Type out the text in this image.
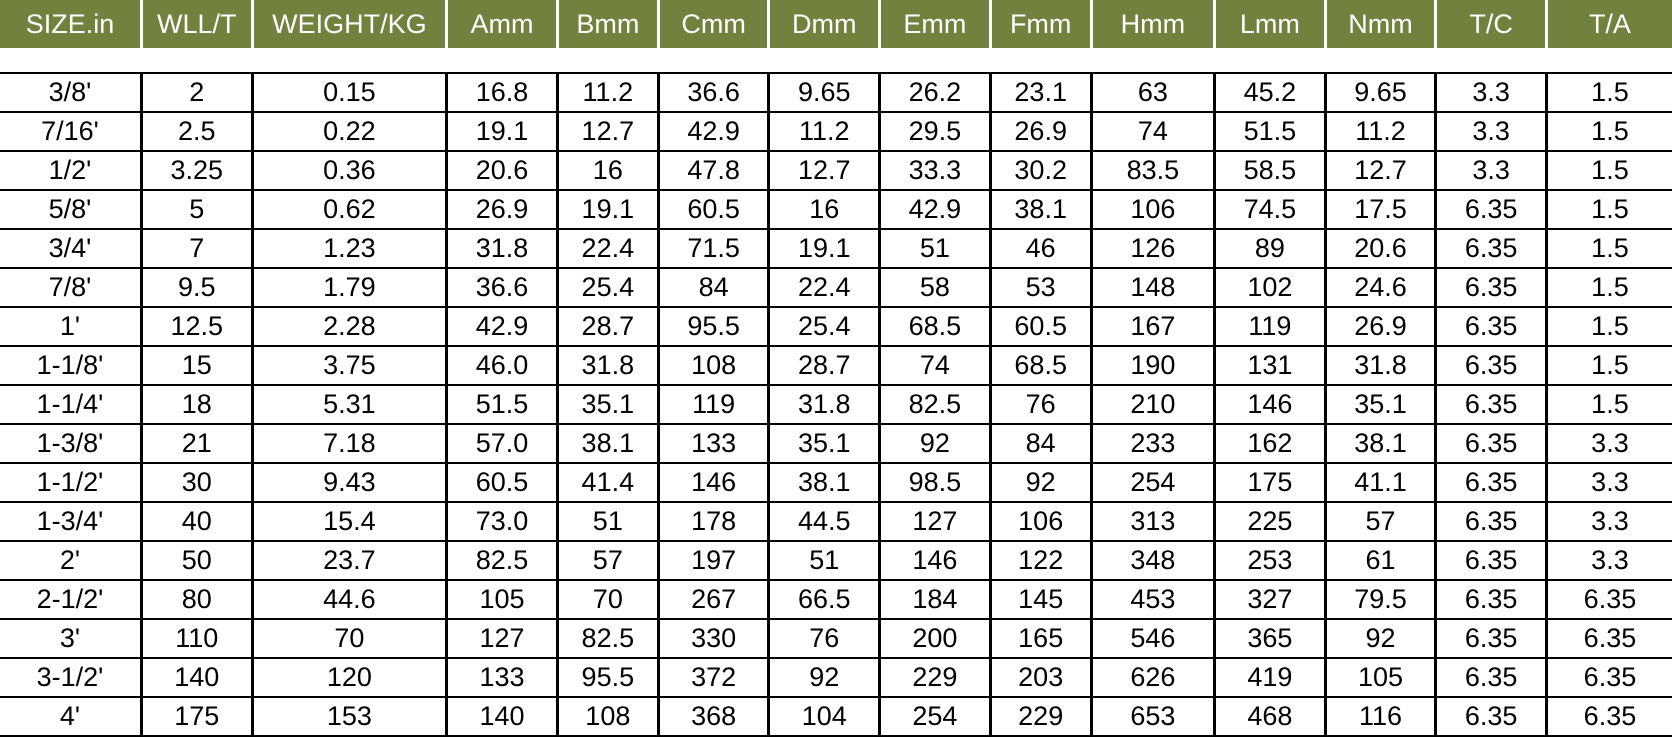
SIZE.in	WLL/T	WEIGHT/KG	Amm	Bmm	Cmm	Dmm	Emm	Fmm	Hmm	Lmm	Nmm	T/C	T/A

3/8'	2	0.15	16.8	11.2	36.6	9.65	26.2	23.1	63	45.2	9.65	3.3	1.5
7/16'	2.5	0.22	19.1	12.7	42.9	11.2	29.5	26.9	74	51.5	11.2	3.3	1.5
1/2'	3.25	0.36	20.6	16	47.8	12.7	33.3	30.2	83.5	58.5	12.7	3.3	1.5
5/8'	5	0.62	26.9	19.1	60.5	16	42.9	38.1	106	74.5	17.5	6.35	1.5
3/4'	7	1.23	31.8	22.4	71.5	19.1	51	46	126	89	20.6	6.35	1.5
7/8'	9.5	1.79	36.6	25.4	84	22.4	58	53	148	102	24.6	6.35	1.5
1'	12.5	2.28	42.9	28.7	95.5	25.4	68.5	60.5	167	119	26.9	6.35	1.5
1-1/8'	15	3.75	46.0	31.8	108	28.7	74	68.5	190	131	31.8	6.35	1.5
1-1/4'	18	5.31	51.5	35.1	119	31.8	82.5	76	210	146	35.1	6.35	1.5
1-3/8'	21	7.18	57.0	38.1	133	35.1	92	84	233	162	38.1	6.35	3.3
1-1/2'	30	9.43	60.5	41.4	146	38.1	98.5	92	254	175	41.1	6.35	3.3
1-3/4'	40	15.4	73.0	51	178	44.5	127	106	313	225	57	6.35	3.3
2'	50	23.7	82.5	57	197	51	146	122	348	253	61	6.35	3.3
2-1/2'	80	44.6	105	70	267	66.5	184	145	453	327	79.5	6.35	6.35
3'	110	70	127	82.5	330	76	200	165	546	365	92	6.35	6.35
3-1/2'	140	120	133	95.5	372	92	229	203	626	419	105	6.35	6.35
4'	175	153	140	108	368	104	254	229	653	468	116	6.35	6.35
